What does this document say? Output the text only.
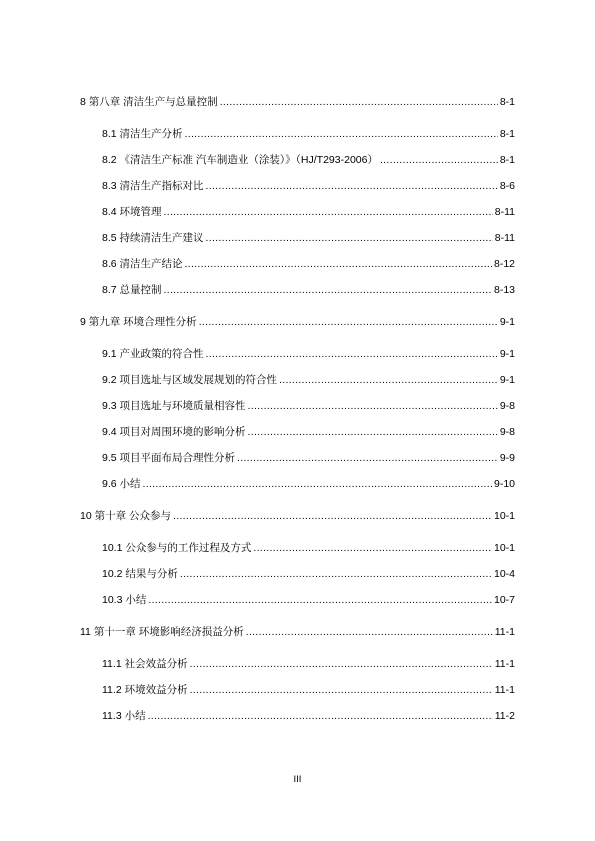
8 第八章 清洁生产与总量控制 .....	8-1
8.1 清洁生产分析 .....	8-1
8.2 《清洁生产标准 汽车制造业（涂装）》（HJ/T293-2006） .....	8-1
8.3 清洁生产指标对比 .....	8-6
8.4 环境管理 .....	8-11
8.5 持续清洁生产建议 .....	8-11
8.6 清洁生产结论 .....	8-12
8.7 总量控制 .....	8-13
9 第九章 环境合理性分析 .....	9-1
9.1 产业政策的符合性 .....	9-1
9.2 项目选址与区域发展规划的符合性 .....	9-1
9.3 项目选址与环境质量相容性 .....	9-8
9.4 项目对周围环境的影响分析 .....	9-8
9.5 项目平面布局合理性分析 .....	9-9
9.6 小结 .....	9-10
10 第十章 公众参与 .....	10-1
10.1 公众参与的工作过程及方式 .....	10-1
10.2 结果与分析 .....	10-4
10.3 小结 .....	10-7
11 第十一章 环境影响经济损益分析 .....	11-1
11.1 社会效益分析 .....	11-1
11.2 环境效益分析 .....	11-1
11.3 小结 .....	11-2
III
